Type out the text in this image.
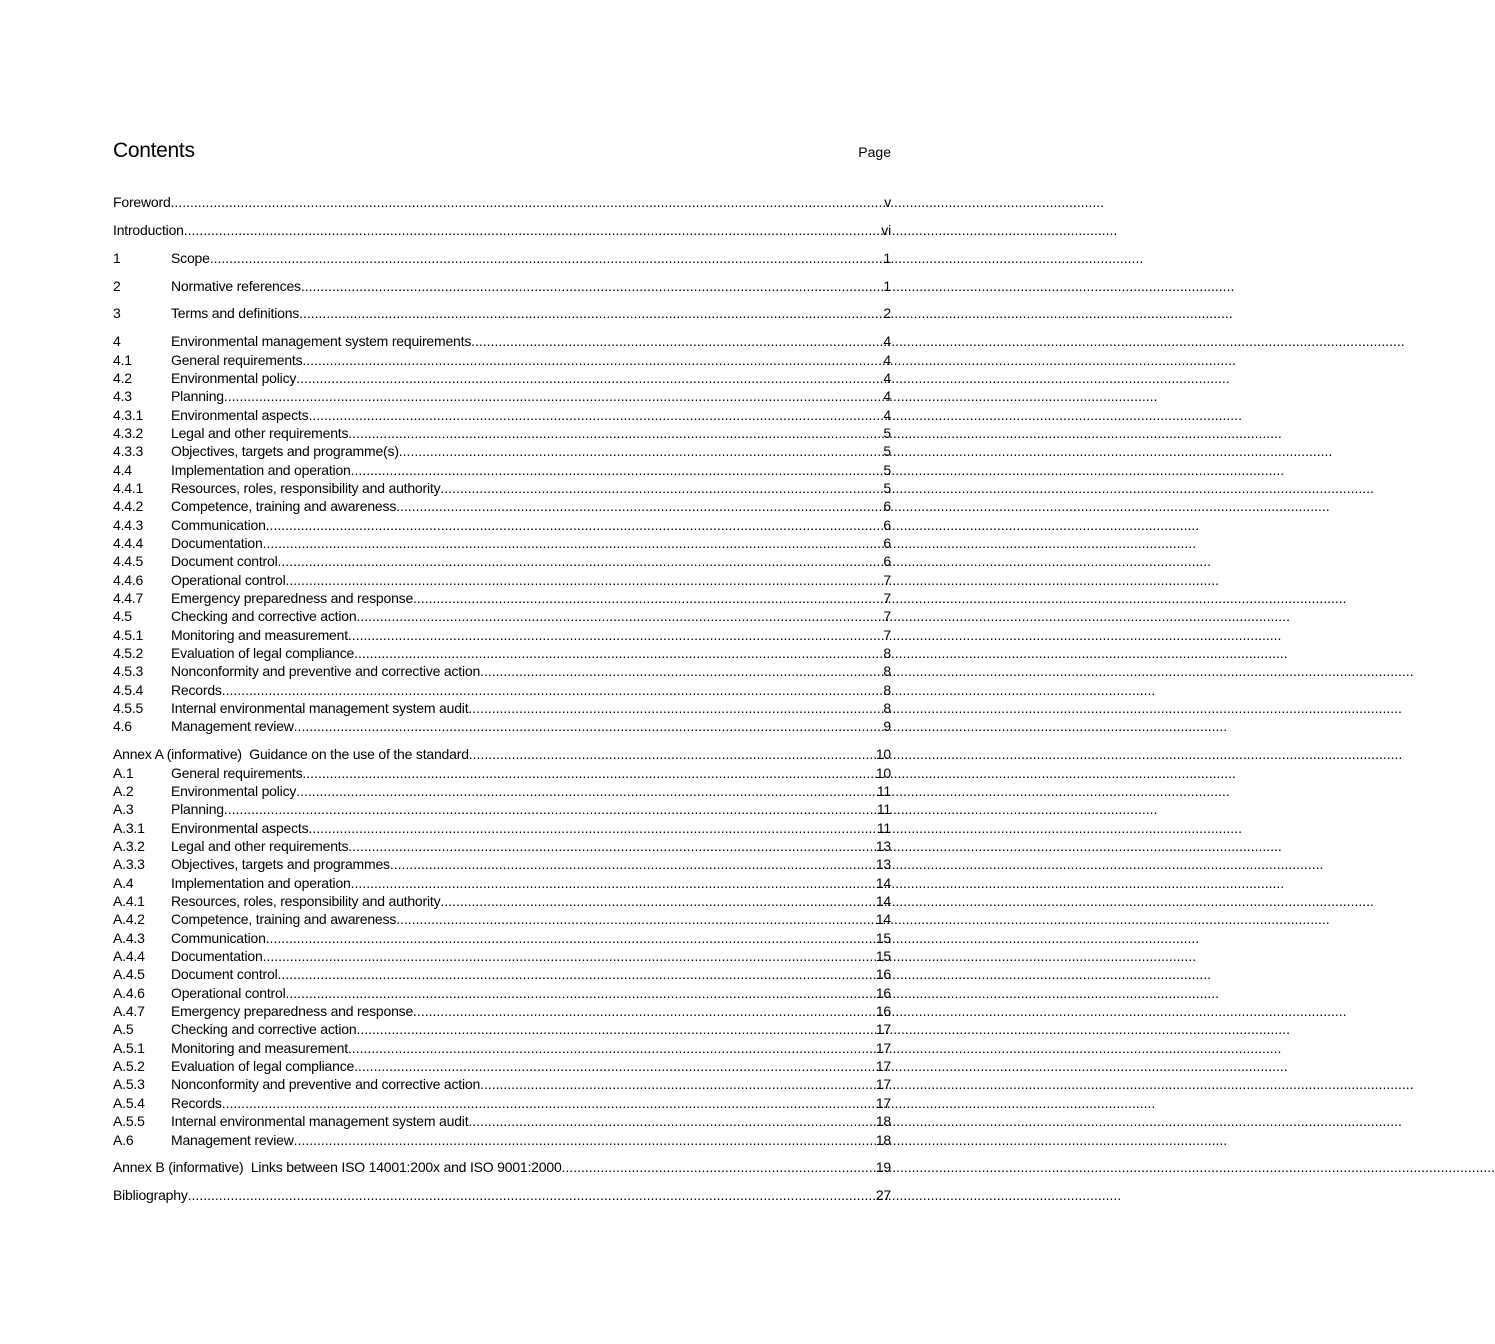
Contents	Page
Foreword .....	v
Introduction .....	vi
1	Scope .....	1
2	Normative references .....	1
3	Terms and definitions .....	2
4	Environmental management system requirements .....	4
4.1	General requirements .....	4
4.2	Environmental policy .....	4
4.3	Planning .....	4
4.3.1	Environmental aspects .....	4
4.3.2	Legal and other requirements .....	5
4.3.3	Objectives, targets and programme(s) .....	5
4.4	Implementation and operation .....	5
4.4.1	Resources, roles, responsibility and authority .....	5
4.4.2	Competence, training and awareness .....	6
4.4.3	Communication .....	6
4.4.4	Documentation .....	6
4.4.5	Document control .....	6
4.4.6	Operational control .....	7
4.4.7	Emergency preparedness and response .....	7
4.5	Checking and corrective action .....	7
4.5.1	Monitoring and measurement .....	7
4.5.2	Evaluation of legal compliance .....	8
4.5.3	Nonconformity and preventive and corrective action .....	8
4.5.4	Records .....	8
4.5.5	Internal environmental management system audit .....	8
4.6	Management review .....	9
Annex A (informative) Guidance on the use of the standard .....	10
A.1	General requirements .....	10
A.2	Environmental policy .....	11
A.3	Planning .....	11
A.3.1	Environmental aspects .....	11
A.3.2	Legal and other requirements .....	13
A.3.3	Objectives, targets and programmes .....	13
A.4	Implementation and operation .....	14
A.4.1	Resources, roles, responsibility and authority .....	14
A.4.2	Competence, training and awareness .....	14
A.4.3	Communication .....	15
A.4.4	Documentation .....	15
A.4.5	Document control .....	16
A.4.6	Operational control .....	16
A.4.7	Emergency preparedness and response .....	16
A.5	Checking and corrective action .....	17
A.5.1	Monitoring and measurement .....	17
A.5.2	Evaluation of legal compliance .....	17
A.5.3	Nonconformity and preventive and corrective action .....	17
A.5.4	Records .....	17
A.5.5	Internal environmental management system audit .....	18
A.6	Management review .....	18
Annex B (informative) Links between ISO 14001:200x and ISO 9001:2000 .....	19
Bibliography .....	27
